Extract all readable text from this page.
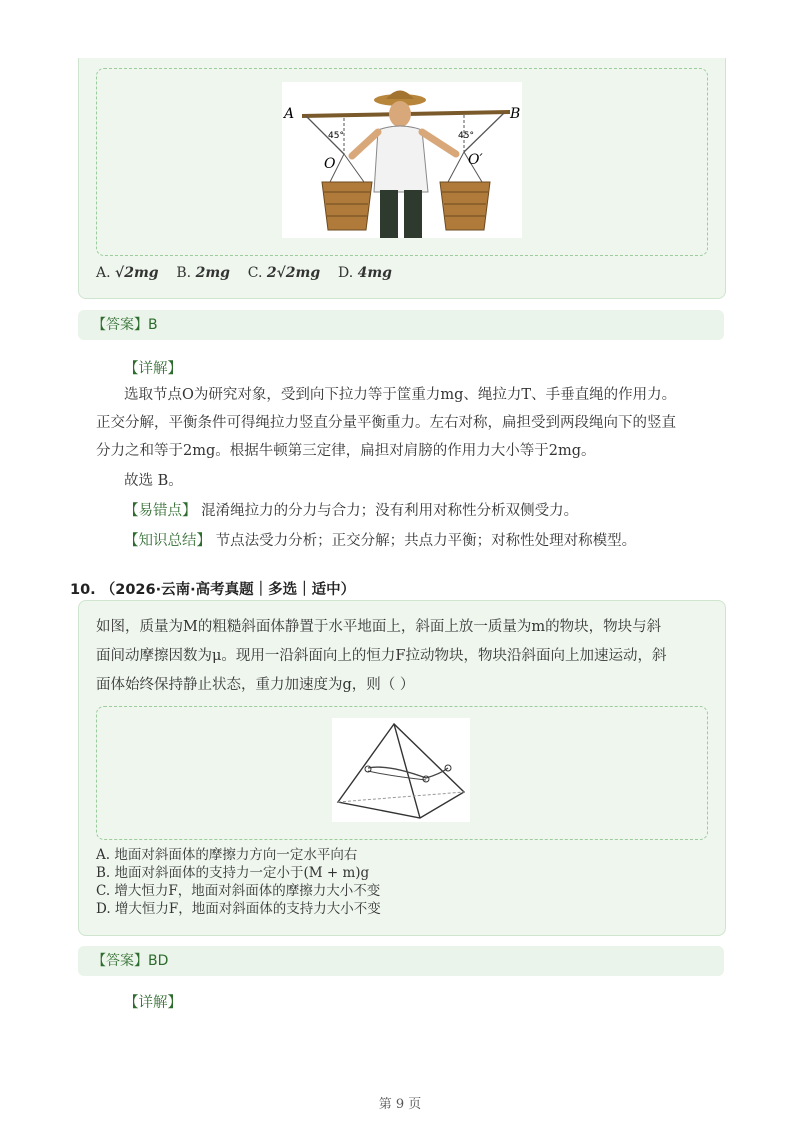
A	B
O	O′
45°	45°
A. √2mg B. 2mg C. 2√2mg D. 4mg
【答案】B
【详解】
选取节点O为研究对象，受到向下拉力等于筐重力mg、绳拉力T、手垂直绳的作用力。
正交分解，平衡条件可得绳拉力竖直分量平衡重力。左右对称，扁担受到两段绳向下的竖直
分力之和等于2mg。根据牛顿第三定律，扁担对肩膀的作用力大小等于2mg。
故选 B。
【易错点】 混淆绳拉力的分力与合力；没有利用对称性分析双侧受力。
【知识总结】 节点法受力分析；正交分解；共点力平衡；对称性处理对称模型。
10. （2026·云南·高考真题｜多选｜适中）
如图，质量为M的粗糙斜面体静置于水平地面上，斜面上放一质量为m的物块，物块与斜
面间动摩擦因数为μ。现用一沿斜面向上的恒力F拉动物块，物块沿斜面向上加速运动，斜
面体始终保持静止状态，重力加速度为g，则（ ）
A. 地面对斜面体的摩擦力方向一定水平向右
B. 地面对斜面体的支持力一定小于(M + m)g
C. 增大恒力F，地面对斜面体的摩擦力大小不变
D. 增大恒力F，地面对斜面体的支持力大小不变
【答案】BD
【详解】
第 9 页
